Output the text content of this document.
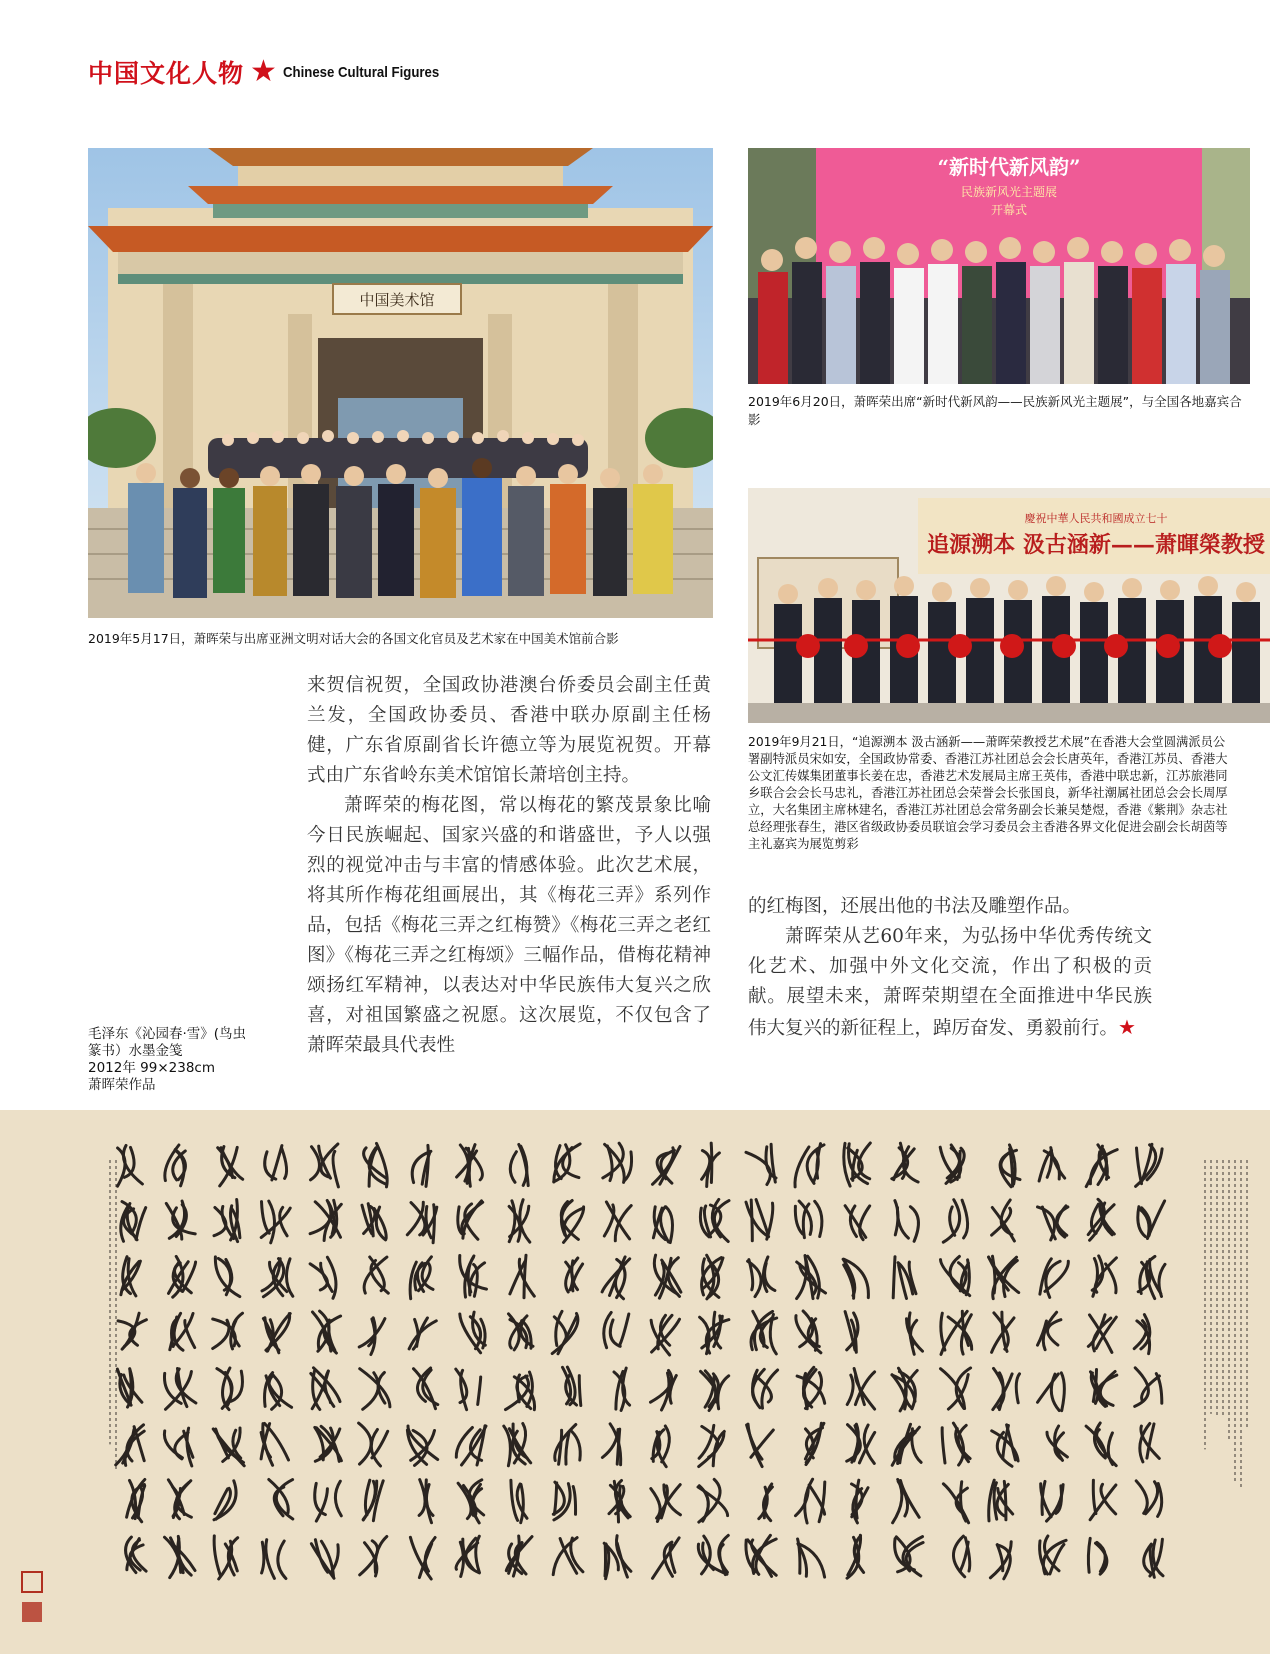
中国文化人物 ★ Chinese Cultural Figures
中国美术馆

2019年5月17日，萧晖荣与出席亚洲文明对话大会的各国文化官员及艺术家在中国美术馆前合影

“新时代新风韵”
民族新风光主题展
开幕式

2019年6月20日，萧晖荣出席“新时代新风韵——民族新风光主题展”，与全国各地嘉宾合影

慶祝中華人民共和國成立七十
追源溯本 汲古涵新——萧暉榮教授

2019年9月21日，“追源溯本 汲古涵新——萧晖荣教授艺术展”在香港大会堂圆满派员公署副特派员宋如安，全国政协常委、香港江苏社团总会会长唐英年，香港江苏员、香港大公文汇传媒集团董事长姜在忠，香港艺术发展局主席王英伟，香港中联忠新，江苏旅港同乡联合会会长马忠礼，香港江苏社团总会荣誉会长张国良，新华社潮属社团总会会长周厚立，大名集团主席林建名，香港江苏社团总会常务副会长兼吴楚煜，香港《紫荆》杂志社总经理张春生，港区省级政协委员联谊会学习委员会主香港各界文化促进会副会长胡茵等主礼嘉宾为展览剪彩

来贺信祝贺，全国政协港澳台侨委员会副主任黄兰发，全国政协委员、香港中联办原副主任杨健，广东省原副省长许德立等为展览祝贺。开幕式由广东省岭东美术馆馆长萧培创主持。

萧晖荣的梅花图，常以梅花的繁茂景象比喻今日民族崛起、国家兴盛的和谐盛世，予人以强烈的视觉冲击与丰富的情感体验。此次艺术展，将其所作梅花组画展出，其《梅花三弄》系列作品，包括《梅花三弄之红梅赞》《梅花三弄之老红图》《梅花三弄之红梅颂》三幅作品，借梅花精神颂扬红军精神，以表达对中华民族伟大复兴之欣喜，对祖国繁盛之祝愿。这次展览，不仅包含了萧晖荣最具代表性

的红梅图，还展出他的书法及雕塑作品。

萧晖荣从艺60年来，为弘扬中华优秀传统文化艺术、加强中外文化交流，作出了积极的贡献。展望未来，萧晖荣期望在全面推进中华民族伟大复兴的新征程上，踔厉奋发、勇毅前行。★

毛泽东《沁园春·雪》(鸟虫
篆书）水墨金笺
2012年 99×238cm
萧晖荣作品
